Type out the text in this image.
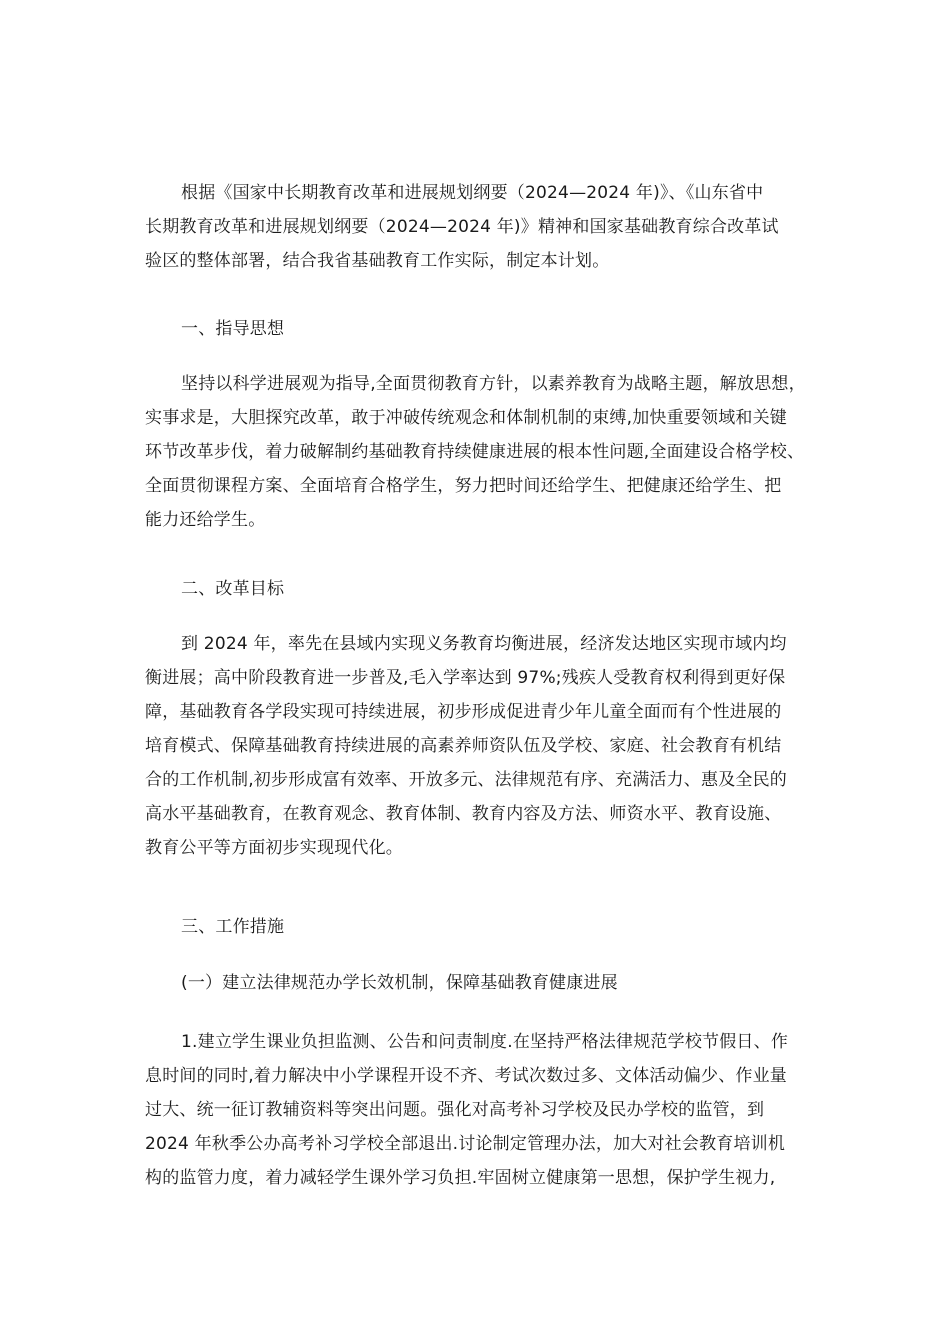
根据《国家中长期教育改革和进展规划纲要（2024—2024 年)》、《山东省中
长期教育改革和进展规划纲要（2024—2024 年)》精神和国家基础教育综合改革试
验区的整体部署，结合我省基础教育工作实际，制定本计划。
一、指导思想
坚持以科学进展观为指导,全面贯彻教育方针，以素养教育为战略主题，解放思想，
实事求是，大胆探究改革，敢于冲破传统观念和体制机制的束缚,加快重要领域和关键
环节改革步伐，着力破解制约基础教育持续健康进展的根本性问题,全面建设合格学校、
全面贯彻课程方案、全面培育合格学生，努力把时间还给学生、把健康还给学生、把
能力还给学生。
二、改革目标
到 2024 年，率先在县域内实现义务教育均衡进展，经济发达地区实现市域内均
衡进展；高中阶段教育进一步普及,毛入学率达到 97%;残疾人受教育权利得到更好保
障，基础教育各学段实现可持续进展，初步形成促进青少年儿童全面而有个性进展的
培育模式、保障基础教育持续进展的高素养师资队伍及学校、家庭、社会教育有机结
合的工作机制,初步形成富有效率、开放多元、法律规范有序、充满活力、惠及全民的
高水平基础教育，在教育观念、教育体制、教育内容及方法、师资水平、教育设施、
教育公平等方面初步实现现代化。
三、工作措施
(一）建立法律规范办学长效机制，保障基础教育健康进展
1.建立学生课业负担监测、公告和问责制度.在坚持严格法律规范学校节假日、作
息时间的同时,着力解决中小学课程开设不齐、考试次数过多、文体活动偏少、作业量
过大、统一征订教辅资料等突出问题。强化对高考补习学校及民办学校的监管，到
2024 年秋季公办高考补习学校全部退出.讨论制定管理办法，加大对社会教育培训机
构的监管力度，着力减轻学生课外学习负担.牢固树立健康第一思想，保护学生视力,
